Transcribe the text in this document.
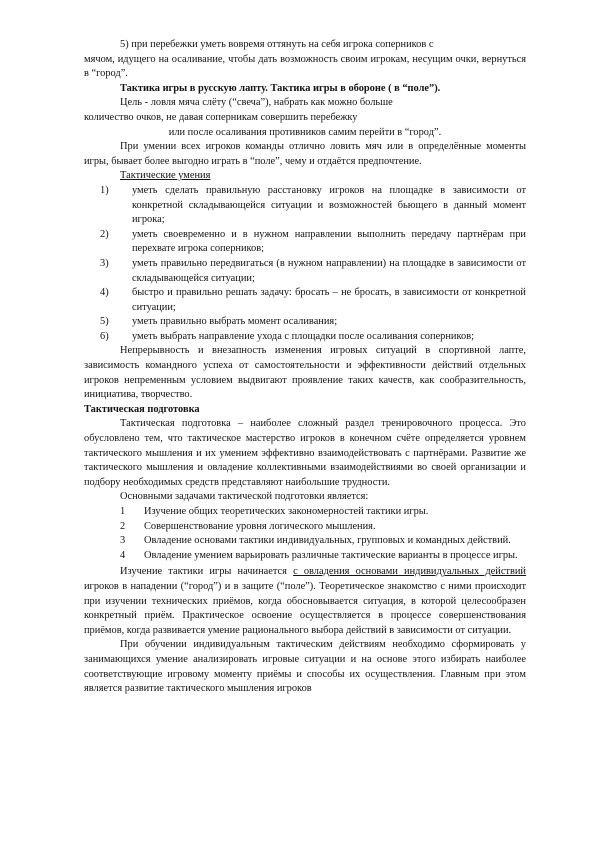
5) при перебежки уметь вовремя оттянуть на себя игрока соперников с

мячом, идущего на осаливание, чтобы дать возможность своим игрокам, несущим очки, вернуться в “город”.

Тактика игры в русскую лапту. Тактика игры в обороне ( в “поле”).

Цель - ловля мяча слёту (“свеча”), набрать как можно больше

количество очков, не давая соперникам совершить перебежку

или после осаливания противников самим перейти в “город”.

При умении всех игроков команды отлично ловить мяч или в определённые моменты игры, бывает более выгодно играть в “поле”, чему и отдаётся предпочтение.

Тактические умения

1)	уметь сделать правильную расстановку игроков на площадке в зависимости от конкретной складывающейся ситуации и возможностей бьющего в данный момент игрока;
2)	уметь своевременно и в нужном направлении выполнить передачу партнёрам при перехвате игрока соперников;
3)	уметь правильно передвигаться (в нужном направлении) на площадке в зависимости от складывающейся ситуации;
4)	быстро и правильно решать задачу: бросать – не бросать, в зависимости от конкретной ситуации;
5)	уметь правильно выбрать момент осаливания;
6)	уметь выбрать направление ухода с площадки после осаливания соперников;

Непрерывность и внезапность изменения игровых ситуаций в спортивной лапте, зависимость командного успеха от самостоятельности и эффективности действий отдельных игроков непременным условием выдвигают проявление таких качеств, как сообразительность, инициатива, творчество.

Тактическая подготовка

Тактическая подготовка – наиболее сложный раздел тренировочного процесса. Это обусловлено тем, что тактическое мастерство игроков в конечном счёте определяется уровнем тактического мышления и их умением эффективно взаимодействовать с партнёрами. Развитие же тактического мышления и овладение коллективными взаимодействиями во своей организации и подбору необходимых средств представляют наибольшие трудности.

Основными задачами тактической подготовки является:

1 Изучение общих теоретических закономерностей тактики игры.
2 Совершенствование уровня логического мышления.
3 Овладение основами тактики индивидуальных, групповых и командных действий.
4 Овладение умением варьировать различные тактические варианты в процессе игры.

Изучение тактики игры начинается с овладения основами индивидуальных действий игроков в нападении (“город”) и в защите (“поле”). Теоретическое знакомство с ними происходит при изучении технических приёмов, когда обосновывается ситуация, в которой целесообразен конкретный приём. Практическое освоение осуществляется в процессе совершенствования приёмов, когда развивается умение рационального выбора действий в зависимости от ситуации.

При обучении индивидуальным тактическим действиям необходимо сформировать у занимающихся умение анализировать игровые ситуации и на основе этого избирать наиболее соответствующие игровому моменту приёмы и способы их осуществления. Главным при этом является развитие тактического мышления игроков
